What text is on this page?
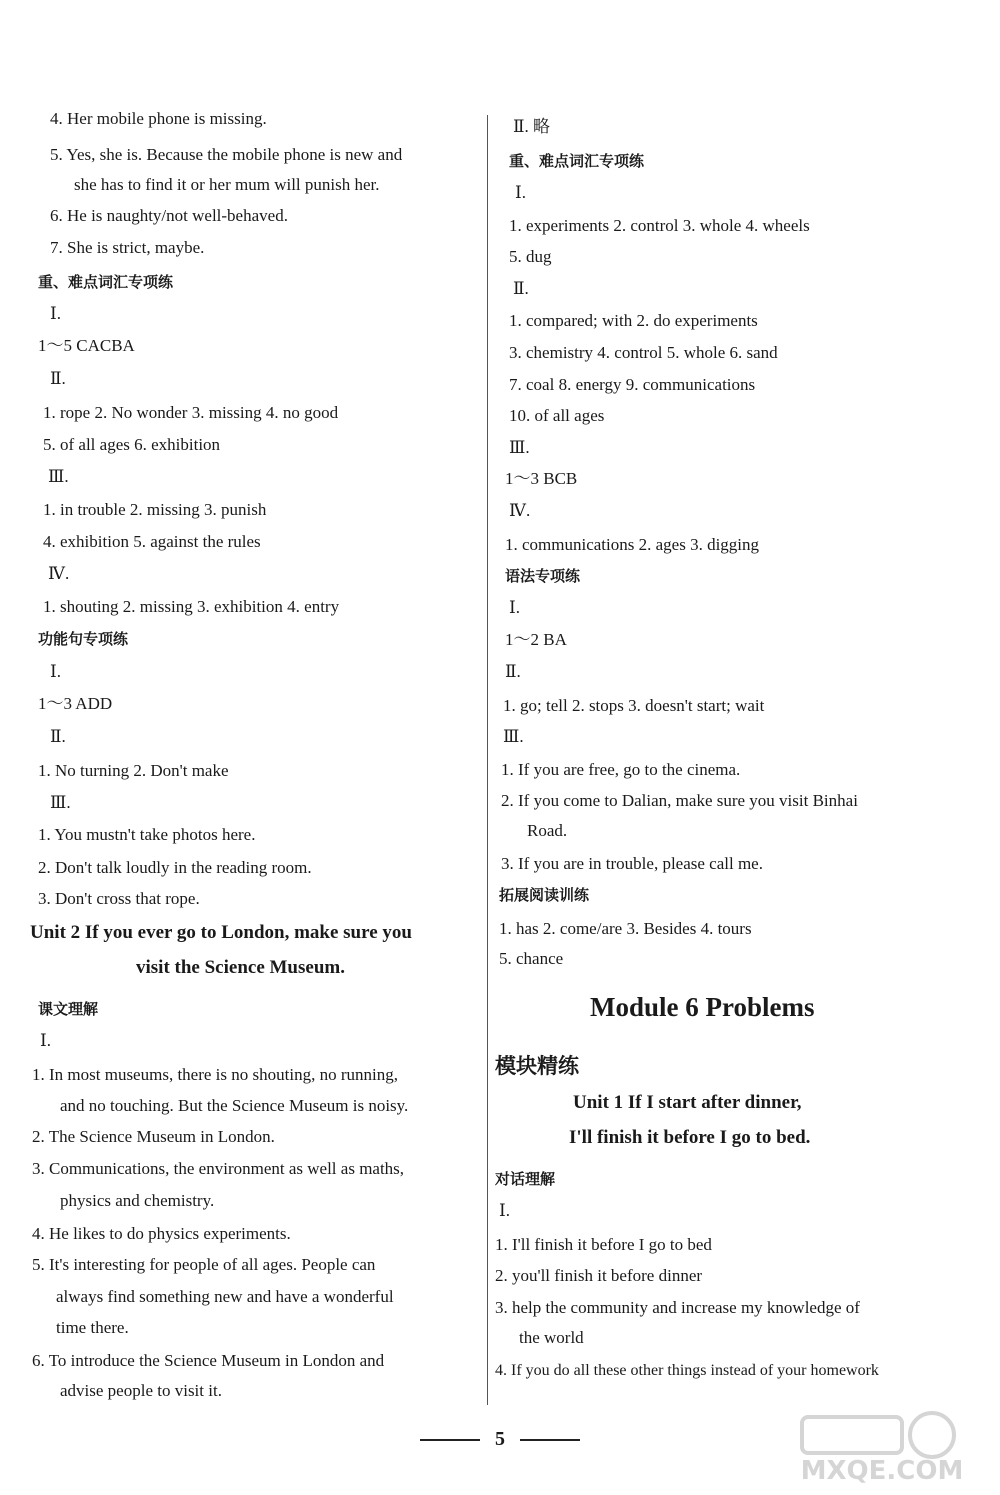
4. Her mobile phone is missing.
5. Yes, she is. Because the mobile phone is new and
she has to find it or her mum will punish her.
6. He is naughty/not well-behaved.
7. She is strict, maybe.
重、难点词汇专项练
Ⅰ.
1～5 CACBA
Ⅱ.
1. rope 2. No wonder 3. missing 4. no good
5. of all ages 6. exhibition
Ⅲ.
1. in trouble 2. missing 3. punish
4. exhibition 5. against the rules
Ⅳ.
1. shouting 2. missing 3. exhibition 4. entry
功能句专项练
Ⅰ.
1～3 ADD
Ⅱ.
1. No turning 2. Don't make
Ⅲ.
1. You mustn't take photos here.
2. Don't talk loudly in the reading room.
3. Don't cross that rope.
Unit 2 If you ever go to London, make sure you
visit the Science Museum.
课文理解
Ⅰ.
1. In most museums, there is no shouting, no running,
and no touching. But the Science Museum is noisy.
2. The Science Museum in London.
3. Communications, the environment as well as maths,
physics and chemistry.
4. He likes to do physics experiments.
5. It's interesting for people of all ages. People can
always find something new and have a wonderful
time there.
6. To introduce the Science Museum in London and
advise people to visit it.
Ⅱ. 略
重、难点词汇专项练
Ⅰ.
1. experiments 2. control 3. whole 4. wheels
5. dug
Ⅱ.
1. compared; with 2. do experiments
3. chemistry 4. control 5. whole 6. sand
7. coal 8. energy 9. communications
10. of all ages
Ⅲ.
1～3 BCB
Ⅳ.
1. communications 2. ages 3. digging
语法专项练
Ⅰ.
1～2 BA
Ⅱ.
1. go; tell 2. stops 3. doesn't start; wait
Ⅲ.
1. If you are free, go to the cinema.
2. If you come to Dalian, make sure you visit Binhai
Road.
3. If you are in trouble, please call me.
拓展阅读训练
1. has 2. come/are 3. Besides 4. tours
5. chance
Module 6 Problems
模块精练
Unit 1 If I start after dinner,
I'll finish it before I go to bed.
对话理解
Ⅰ.
1. I'll finish it before I go to bed
2. you'll finish it before dinner
3. help the community and increase my knowledge of
the world
4. If you do all these other things instead of your homework
5
MXQE.COM
